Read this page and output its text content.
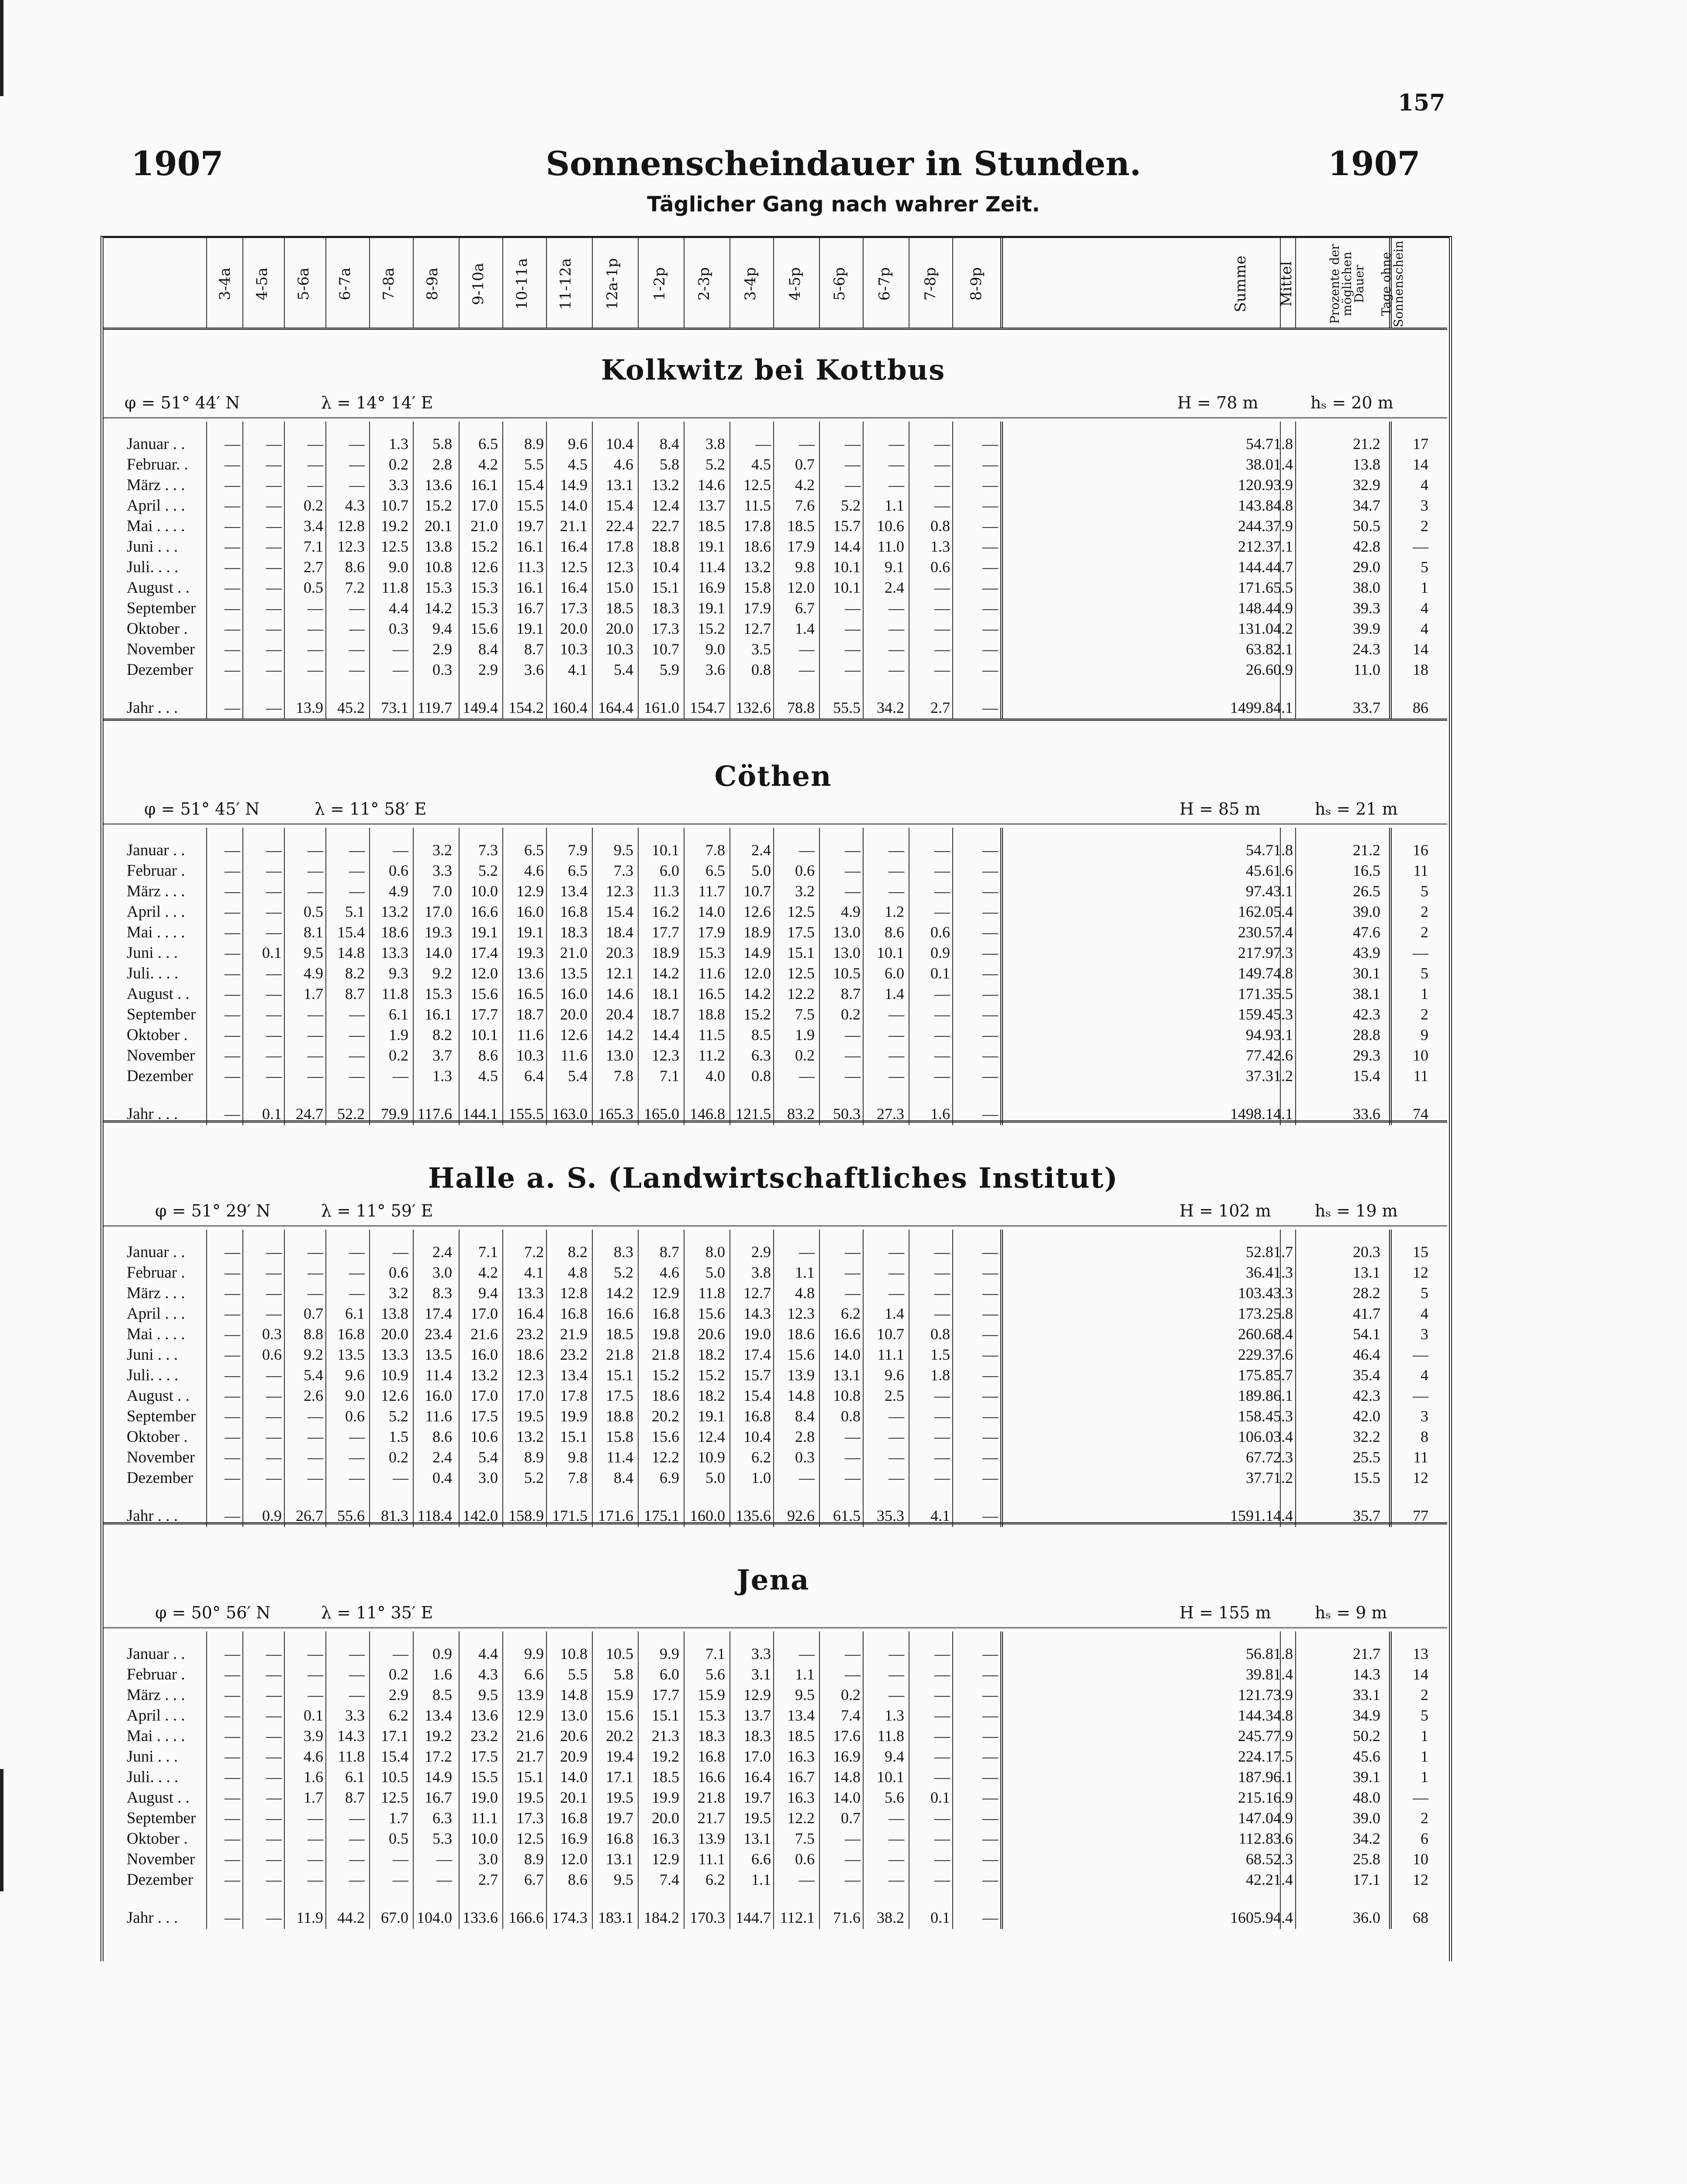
157
1907	Sonnenscheindauer in Stunden.	1907
Täglicher Gang nach wahrer Zeit.
3-4a 4-5a 5-6a 6-7a 7-8a 8-9a 9-10a 10-11a 11-12a 12a-1p 1-2p 2-3p 3-4p 4-5p 5-6p 6-7p 7-8p 8-9p	Summe Mittel	Prozente der möglichen Dauer Tage ohne Sonnenschein
Kolkwitz bei Kottbus
φ = 51° 44′ N	λ = 14° 14′ E	H = 78 m	hₛ = 20 m
Januar . .	—	—	—	—	1.3	5.8	6.5	8.9	9.6	10.4	8.4	3.8	—	—	—	—	—	—	54.7 1.8	21.2	17
Februar. .	—	—	—	—	0.2	2.8	4.2	5.5	4.5	4.6	5.8	5.2	4.5	0.7	—	—	—	—	38.0 1.4	13.8	14
März . . .	—	—	—	—	3.3	13.6	16.1	15.4	14.9	13.1	13.2	14.6	12.5	4.2	—	—	—	—	120.9 3.9	32.9	4
April . . .	—	—	0.2	4.3	10.7	15.2	17.0	15.5	14.0	15.4	12.4	13.7	11.5	7.6	5.2	1.1	—	—	143.8 4.8	34.7	3
Mai . . . .	—	—	3.4 12.8	19.2	20.1	21.0	19.7	21.1	22.4	22.7	18.5	17.8	18.5	15.7	10.6	0.8	—	244.3 7.9	50.5	2
Juni . . .	—	—	7.1 12.3	12.5	13.8	15.2	16.1	16.4	17.8	18.8	19.1	18.6	17.9	14.4	11.0	1.3	—	212.3 7.1	42.8	—
Juli. . . .	—	—	2.7	8.6	9.0	10.8	12.6	11.3	12.5	12.3	10.4	11.4	13.2	9.8	10.1	9.1	0.6	—	144.4 4.7	29.0	5
August . .	—	—	0.5	7.2	11.8	15.3	15.3	16.1	16.4	15.0	15.1	16.9	15.8	12.0	10.1	2.4	—	—	171.6 5.5	38.0	1
September	—	—	—	—	4.4	14.2	15.3	16.7	17.3	18.5	18.3	19.1	17.9	6.7	—	—	—	—	148.4 4.9	39.3	4
Oktober .	—	—	—	—	0.3	9.4	15.6	19.1	20.0	20.0	17.3	15.2	12.7	1.4	—	—	—	—	131.0 4.2	39.9	4
November	—	—	—	—	—	2.9	8.4	8.7	10.3	10.3	10.7	9.0	3.5	—	—	—	—	—	63.8 2.1	24.3	14
Dezember	—	—	—	—	—	0.3	2.9	3.6	4.1	5.4	5.9	3.6	0.8	—	—	—	—	—	26.6 0.9	11.0	18
Jahr . . .	—	— 13.9 45.2	73.1 119.7 149.4 154.2 160.4 164.4 161.0 154.7 132.6	78.8	55.5	34.2	2.7	—	1499.8 4.1	33.7	86
Cöthen
φ = 51° 45′ N	λ = 11° 58′ E	H = 85 m	hₛ = 21 m
Januar . .	—	—	—	—	—	3.2	7.3	6.5	7.9	9.5	10.1	7.8	2.4	—	—	—	—	—	54.7 1.8	21.2	16
Februar .	—	—	—	—	0.6	3.3	5.2	4.6	6.5	7.3	6.0	6.5	5.0	0.6	—	—	—	—	45.6 1.6	16.5	11
März . . .	—	—	—	—	4.9	7.0	10.0	12.9	13.4	12.3	11.3	11.7	10.7	3.2	—	—	—	—	97.4 3.1	26.5	5
April . . .	—	—	0.5	5.1	13.2	17.0	16.6	16.0	16.8	15.4	16.2	14.0	12.6	12.5	4.9	1.2	—	—	162.0 5.4	39.0	2
Mai . . . .	—	—	8.1 15.4	18.6	19.3	19.1	19.1	18.3	18.4	17.7	17.9	18.9	17.5	13.0	8.6	0.6	—	230.5 7.4	47.6	2
Juni . . .	—	0.1	9.5 14.8	13.3	14.0	17.4	19.3	21.0	20.3	18.9	15.3	14.9	15.1	13.0	10.1	0.9	—	217.9 7.3	43.9	—
Juli. . . .	—	—	4.9	8.2	9.3	9.2	12.0	13.6	13.5	12.1	14.2	11.6	12.0	12.5	10.5	6.0	0.1	—	149.7 4.8	30.1	5
August . .	—	—	1.7	8.7	11.8	15.3	15.6	16.5	16.0	14.6	18.1	16.5	14.2	12.2	8.7	1.4	—	—	171.3 5.5	38.1	1
September	—	—	—	—	6.1	16.1	17.7	18.7	20.0	20.4	18.7	18.8	15.2	7.5	0.2	—	—	—	159.4 5.3	42.3	2
Oktober .	—	—	—	—	1.9	8.2	10.1	11.6	12.6	14.2	14.4	11.5	8.5	1.9	—	—	—	—	94.9 3.1	28.8	9
November	—	—	—	—	0.2	3.7	8.6	10.3	11.6	13.0	12.3	11.2	6.3	0.2	—	—	—	—	77.4 2.6	29.3	10
Dezember	—	—	—	—	—	1.3	4.5	6.4	5.4	7.8	7.1	4.0	0.8	—	—	—	—	—	37.3 1.2	15.4	11
Jahr . . .	—	0.1 24.7 52.2	79.9 117.6 144.1 155.5 163.0 165.3 165.0 146.8 121.5	83.2	50.3	27.3	1.6	—	1498.1 4.1	33.6	74
Halle a. S. (Landwirtschaftliches Institut)
φ = 51° 29′ N	λ = 11° 59′ E	H = 102 m	hₛ = 19 m
Januar . .	—	—	—	—	—	2.4	7.1	7.2	8.2	8.3	8.7	8.0	2.9	—	—	—	—	—	52.8 1.7	20.3	15
Februar .	—	—	—	—	0.6	3.0	4.2	4.1	4.8	5.2	4.6	5.0	3.8	1.1	—	—	—	—	36.4 1.3	13.1	12
März . . .	—	—	—	—	3.2	8.3	9.4	13.3	12.8	14.2	12.9	11.8	12.7	4.8	—	—	—	—	103.4 3.3	28.2	5
April . . .	—	—	0.7	6.1	13.8	17.4	17.0	16.4	16.8	16.6	16.8	15.6	14.3	12.3	6.2	1.4	—	—	173.2 5.8	41.7	4
Mai . . . .	—	0.3	8.8 16.8	20.0	23.4	21.6	23.2	21.9	18.5	19.8	20.6	19.0	18.6	16.6	10.7	0.8	—	260.6 8.4	54.1	3
Juni . . .	—	0.6	9.2 13.5	13.3	13.5	16.0	18.6	23.2	21.8	21.8	18.2	17.4	15.6	14.0	11.1	1.5	—	229.3 7.6	46.4	—
Juli. . . .	—	—	5.4	9.6	10.9	11.4	13.2	12.3	13.4	15.1	15.2	15.2	15.7	13.9	13.1	9.6	1.8	—	175.8 5.7	35.4	4
August . .	—	—	2.6	9.0	12.6	16.0	17.0	17.0	17.8	17.5	18.6	18.2	15.4	14.8	10.8	2.5	—	—	189.8 6.1	42.3	—
September	—	—	—	0.6	5.2	11.6	17.5	19.5	19.9	18.8	20.2	19.1	16.8	8.4	0.8	—	—	—	158.4 5.3	42.0	3
Oktober .	—	—	—	—	1.5	8.6	10.6	13.2	15.1	15.8	15.6	12.4	10.4	2.8	—	—	—	—	106.0 3.4	32.2	8
November	—	—	—	—	0.2	2.4	5.4	8.9	9.8	11.4	12.2	10.9	6.2	0.3	—	—	—	—	67.7 2.3	25.5	11
Dezember	—	—	—	—	—	0.4	3.0	5.2	7.8	8.4	6.9	5.0	1.0	—	—	—	—	—	37.7 1.2	15.5	12
Jahr . . .	—	0.9 26.7 55.6	81.3 118.4 142.0 158.9 171.5 171.6 175.1 160.0 135.6	92.6	61.5	35.3	4.1	—	1591.1 4.4	35.7	77
Jena
φ = 50° 56′ N	λ = 11° 35′ E	H = 155 m	hₛ = 9 m
Januar . .	—	—	—	—	—	0.9	4.4	9.9	10.8	10.5	9.9	7.1	3.3	—	—	—	—	—	56.8 1.8	21.7	13
Februar .	—	—	—	—	0.2	1.6	4.3	6.6	5.5	5.8	6.0	5.6	3.1	1.1	—	—	—	—	39.8 1.4	14.3	14
März . . .	—	—	—	—	2.9	8.5	9.5	13.9	14.8	15.9	17.7	15.9	12.9	9.5	0.2	—	—	—	121.7 3.9	33.1	2
April . . .	—	—	0.1	3.3	6.2	13.4	13.6	12.9	13.0	15.6	15.1	15.3	13.7	13.4	7.4	1.3	—	—	144.3 4.8	34.9	5
Mai . . . .	—	—	3.9 14.3	17.1	19.2	23.2	21.6	20.6	20.2	21.3	18.3	18.3	18.5	17.6	11.8	—	—	245.7 7.9	50.2	1
Juni . . .	—	—	4.6 11.8	15.4	17.2	17.5	21.7	20.9	19.4	19.2	16.8	17.0	16.3	16.9	9.4	—	—	224.1 7.5	45.6	1
Juli. . . .	—	—	1.6	6.1	10.5	14.9	15.5	15.1	14.0	17.1	18.5	16.6	16.4	16.7	14.8	10.1	—	—	187.9 6.1	39.1	1
August . .	—	—	1.7	8.7	12.5	16.7	19.0	19.5	20.1	19.5	19.9	21.8	19.7	16.3	14.0	5.6	0.1	—	215.1 6.9	48.0	—
September	—	—	—	—	1.7	6.3	11.1	17.3	16.8	19.7	20.0	21.7	19.5	12.2	0.7	—	—	—	147.0 4.9	39.0	2
Oktober .	—	—	—	—	0.5	5.3	10.0	12.5	16.9	16.8	16.3	13.9	13.1	7.5	—	—	—	—	112.8 3.6	34.2	6
November	—	—	—	—	—	—	3.0	8.9	12.0	13.1	12.9	11.1	6.6	0.6	—	—	—	—	68.5 2.3	25.8	10
Dezember	—	—	—	—	—	—	2.7	6.7	8.6	9.5	7.4	6.2	1.1	—	—	—	—	—	42.2 1.4	17.1	12
Jahr . . .	—	— 11.9 44.2	67.0 104.0 133.6 166.6 174.3 183.1 184.2 170.3 144.7 112.1	71.6	38.2	0.1	—	1605.9 4.4	36.0	68
